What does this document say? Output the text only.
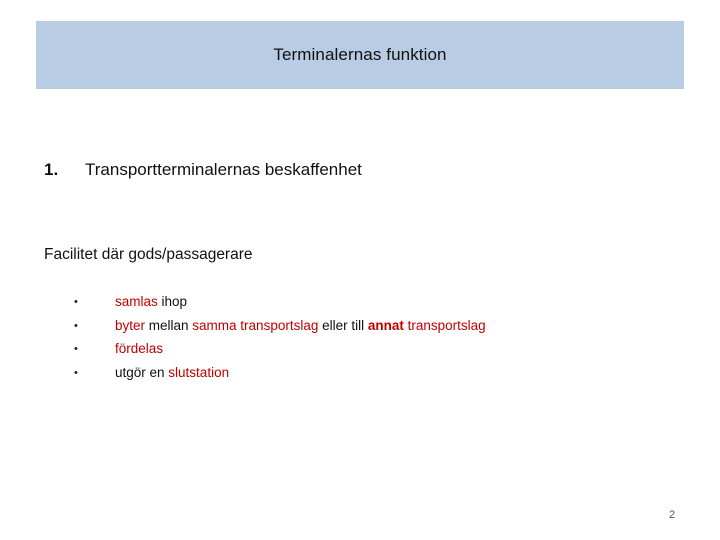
Terminalernas funktion
1. Transportterminalernas beskaffenhet
Facilitet där gods/passagerare
•	samlas ihop
•	byter mellan samma transportslag eller till annat transportslag
•	fördelas
•	utgör en slutstation
2
